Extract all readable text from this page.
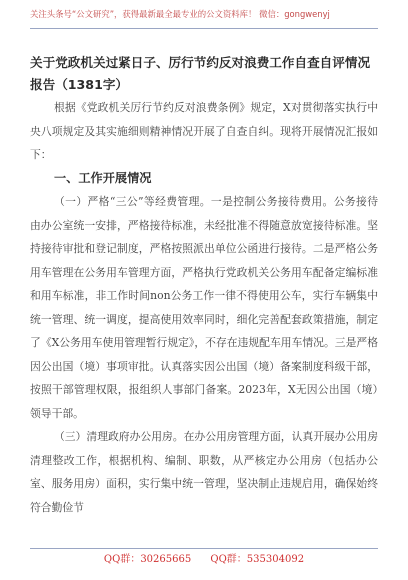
关注头条号“公文研究”，获得最新最全最专业的公文资料库！ 微信：gongwenyj
关于党政机关过紧日子、厉行节约反对浪费工作自查自评情况报告（1381字）

根据《党政机关厉行节约反对浪费条例》规定，X对贯彻落实执行中央八项规定及其实施细则精神情况开展了自查自纠。现将开展情况汇报如下：

一、工作开展情况

（一）严格“三公”等经费管理。一是控制公务接待费用。公务接待由办公室统一安排，严格接待标准，未经批准不得随意放宽接待标准。坚持接待审批和登记制度，严格按照派出单位公函进行接待。二是严格公务用车管理在公务用车管理方面，严格执行党政机关公务用车配备定编标准和用车标准，非工作时间non公务工作一律不得使用公车，实行车辆集中统一管理、统一调度，提高使用效率同时，细化完善配套政策措施，制定了《X公务用车使用管理暂行规定》，不存在违规配车用车情况。三是严格因公出国（境）事项审批。认真落实因公出国（境）备案制度科级干部，按照干部管理权限，报组织人事部门备案。2023年，X无因公出国（境）领导干部。

（三）清理政府办公用房。在办公用房管理方面，认真开展办公用房清理整改工作，根据机构、编制、职数，从严核定办公用房（包括办公室、服务用房）面积，实行集中统一管理，坚决制止违规启用，确保始终符合勤俭节

QQ群：30265665 QQ群：535304092
